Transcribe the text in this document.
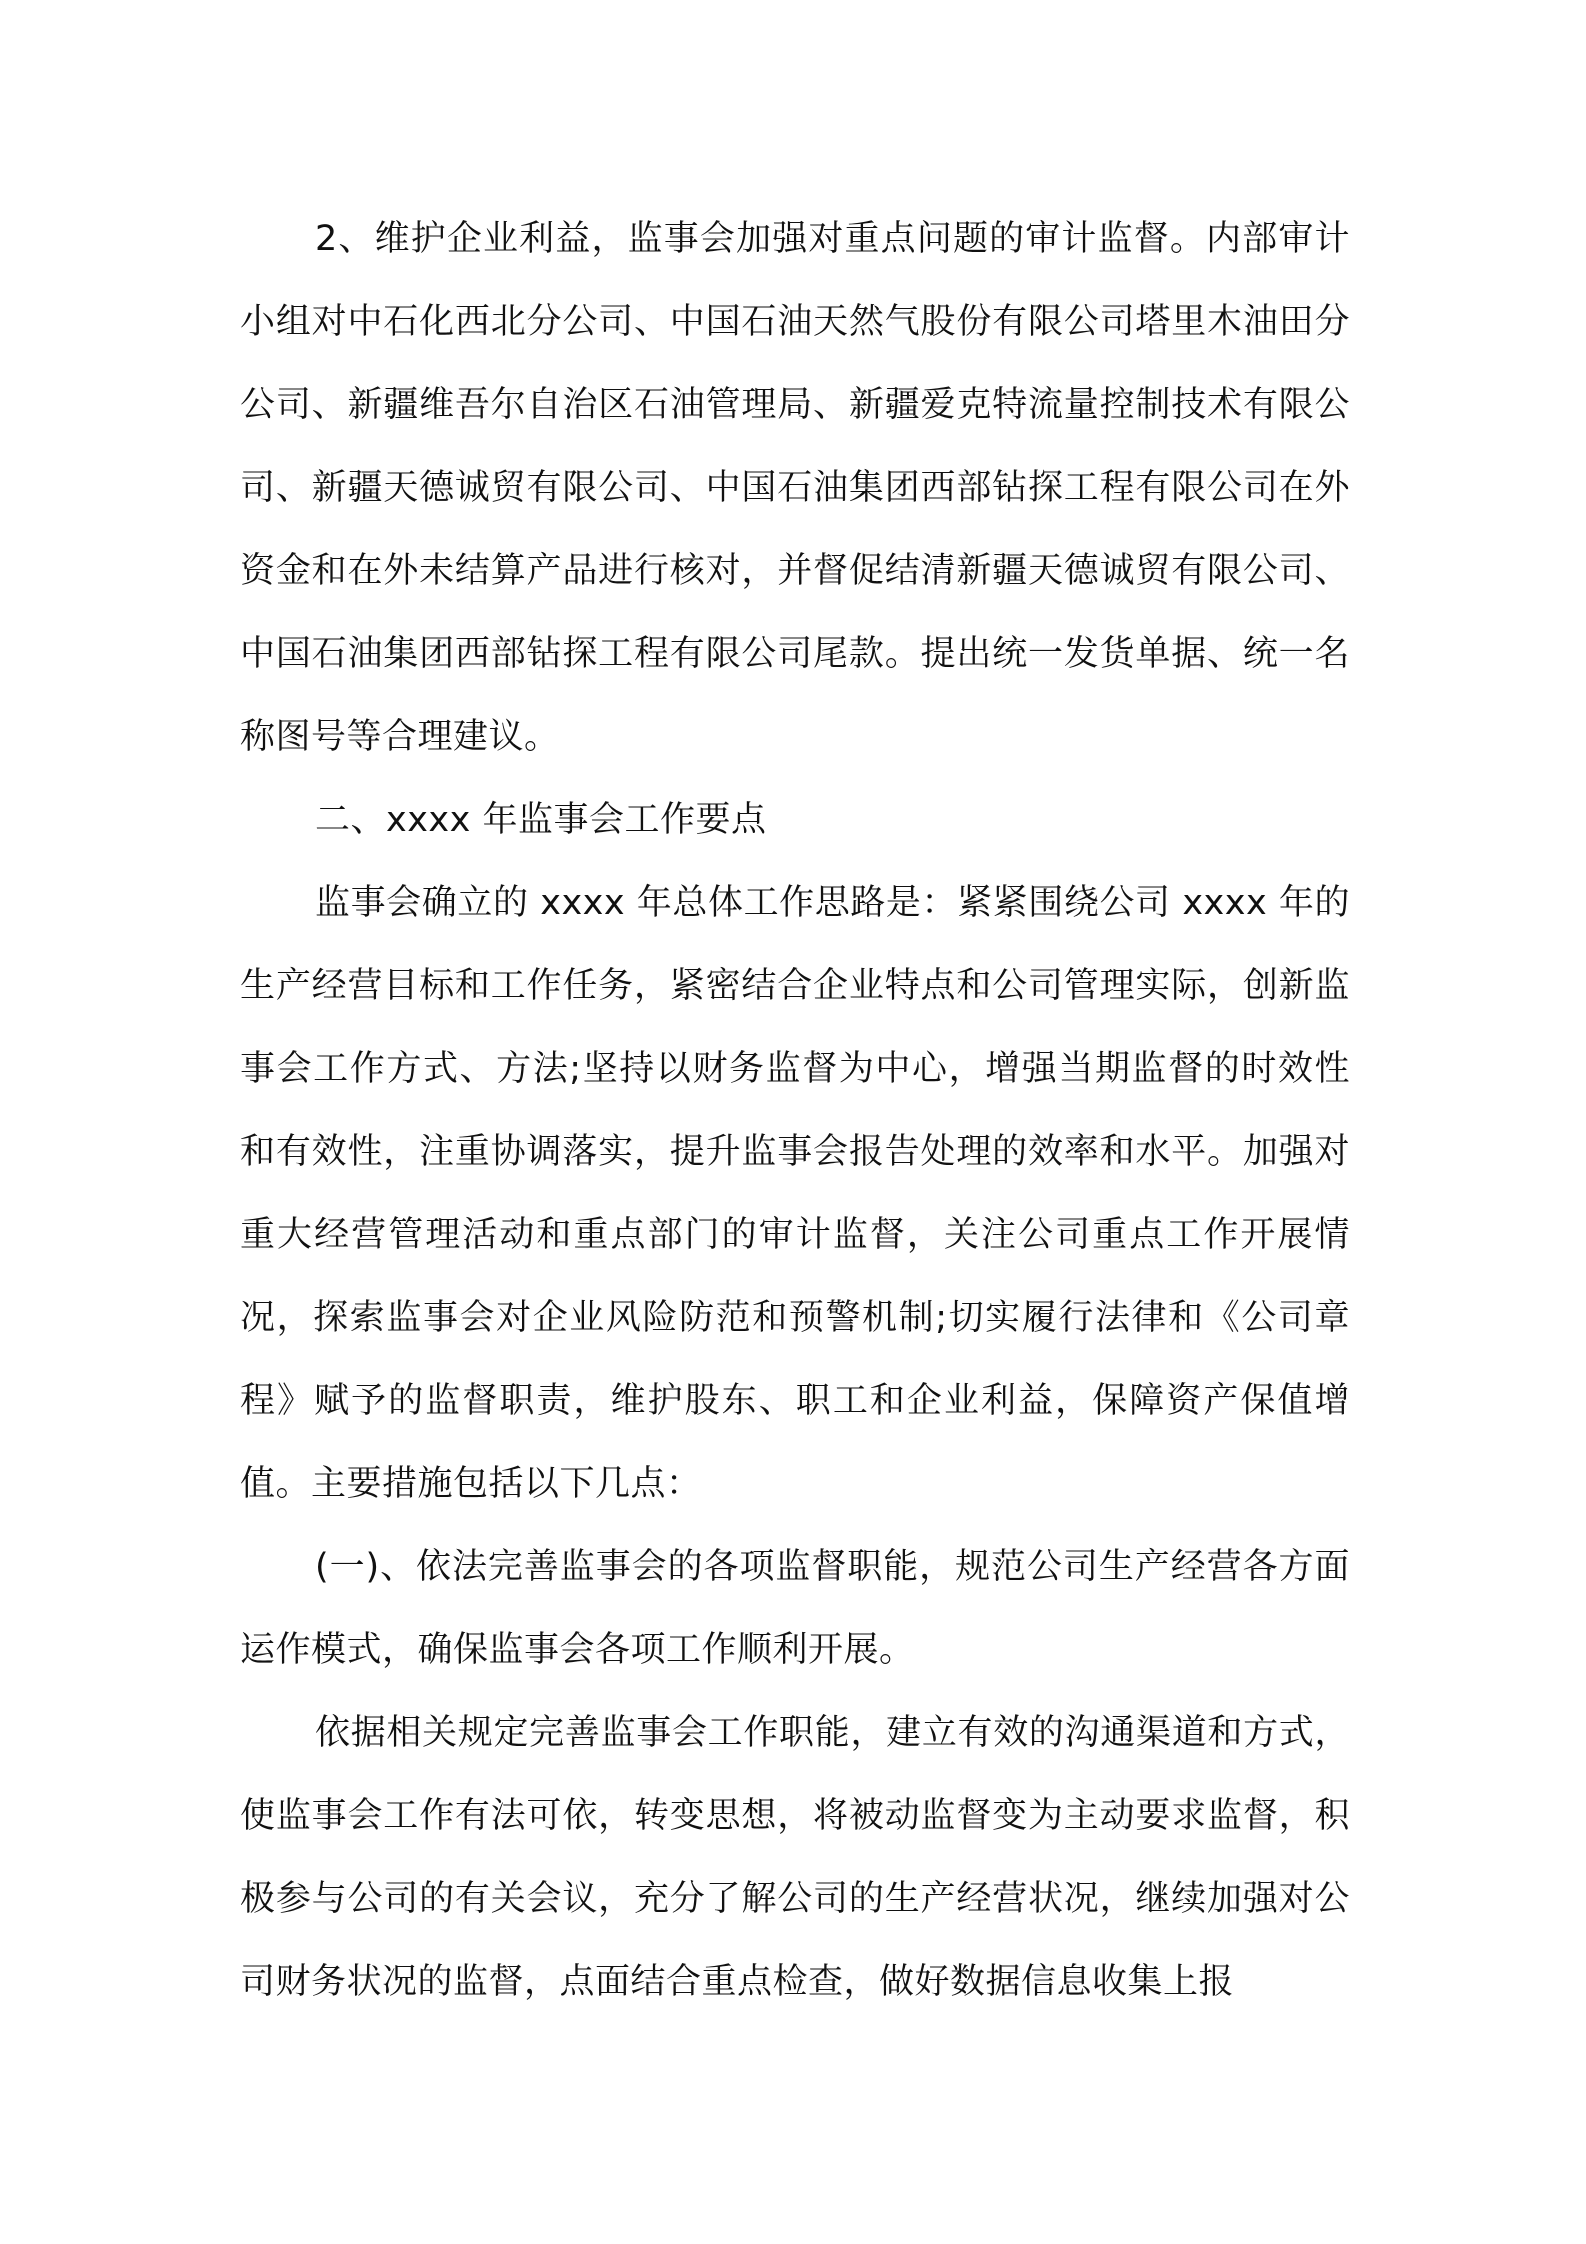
2、维护企业利益，监事会加强对重点问题的审计监督。内部审计小组对中石化西北分公司、中国石油天然气股份有限公司塔里木油田分公司、新疆维吾尔自治区石油管理局、新疆爱克特流量控制技术有限公司、新疆天德诚贸有限公司、中国石油集团西部钻探工程有限公司在外资金和在外未结算产品进行核对，并督促结清新疆天德诚贸有限公司、中国石油集团西部钻探工程有限公司尾款。提出统一发货单据、统一名称图号等合理建议。

二、xxxx 年监事会工作要点

监事会确立的 xxxx 年总体工作思路是：紧紧围绕公司 xxxx 年的生产经营目标和工作任务，紧密结合企业特点和公司管理实际，创新监事会工作方式、方法;坚持以财务监督为中心，增强当期监督的时效性和有效性，注重协调落实，提升监事会报告处理的效率和水平。加强对重大经营管理活动和重点部门的审计监督，关注公司重点工作开展情况，探索监事会对企业风险防范和预警机制;切实履行法律和《公司章程》赋予的监督职责，维护股东、职工和企业利益，保障资产保值增值。主要措施包括以下几点：

(一)、依法完善监事会的各项监督职能，规范公司生产经营各方面运作模式，确保监事会各项工作顺利开展。

依据相关规定完善监事会工作职能，建立有效的沟通渠道和方式，使监事会工作有法可依，转变思想，将被动监督变为主动要求监督，积极参与公司的有关会议，充分了解公司的生产经营状况，继续加强对公司财务状况的监督，点面结合重点检查，做好数据信息收集上报
